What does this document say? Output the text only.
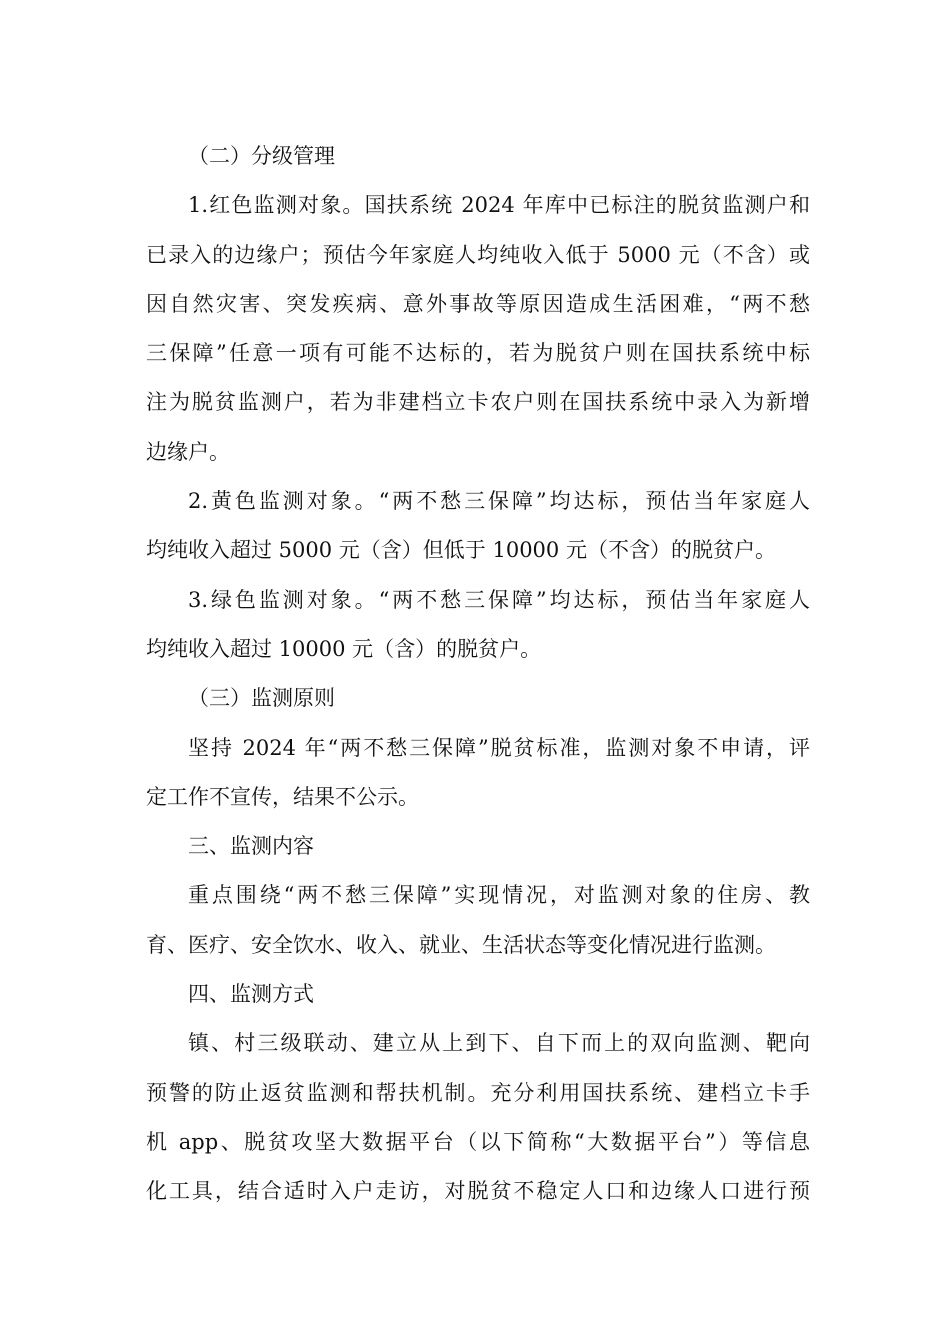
（二）分级管理
1.红色监测对象。国扶系统 2024 年库中已标注的脱贫监测户和
已录入的边缘户；预估今年家庭人均纯收入低于 5000 元（不含）或
因自然灾害、突发疾病、意外事故等原因造成生活困难，“两不愁
三保障”任意一项有可能不达标的，若为脱贫户则在国扶系统中标
注为脱贫监测户，若为非建档立卡农户则在国扶系统中录入为新增
边缘户。
2.黄色监测对象。“两不愁三保障”均达标，预估当年家庭人
均纯收入超过 5000 元（含）但低于 10000 元（不含）的脱贫户。
3.绿色监测对象。“两不愁三保障”均达标，预估当年家庭人
均纯收入超过 10000 元（含）的脱贫户。
（三）监测原则
坚持 2024 年“两不愁三保障”脱贫标准，监测对象不申请，评
定工作不宣传，结果不公示。
三、监测内容
重点围绕“两不愁三保障”实现情况，对监测对象的住房、教
育、医疗、安全饮水、收入、就业、生活状态等变化情况进行监测。
四、监测方式
镇、村三级联动、建立从上到下、自下而上的双向监测、靶向
预警的防止返贫监测和帮扶机制。充分利用国扶系统、建档立卡手
机 app、脱贫攻坚大数据平台（以下简称“大数据平台”）等信息
化工具，结合适时入户走访，对脱贫不稳定人口和边缘人口进行预
